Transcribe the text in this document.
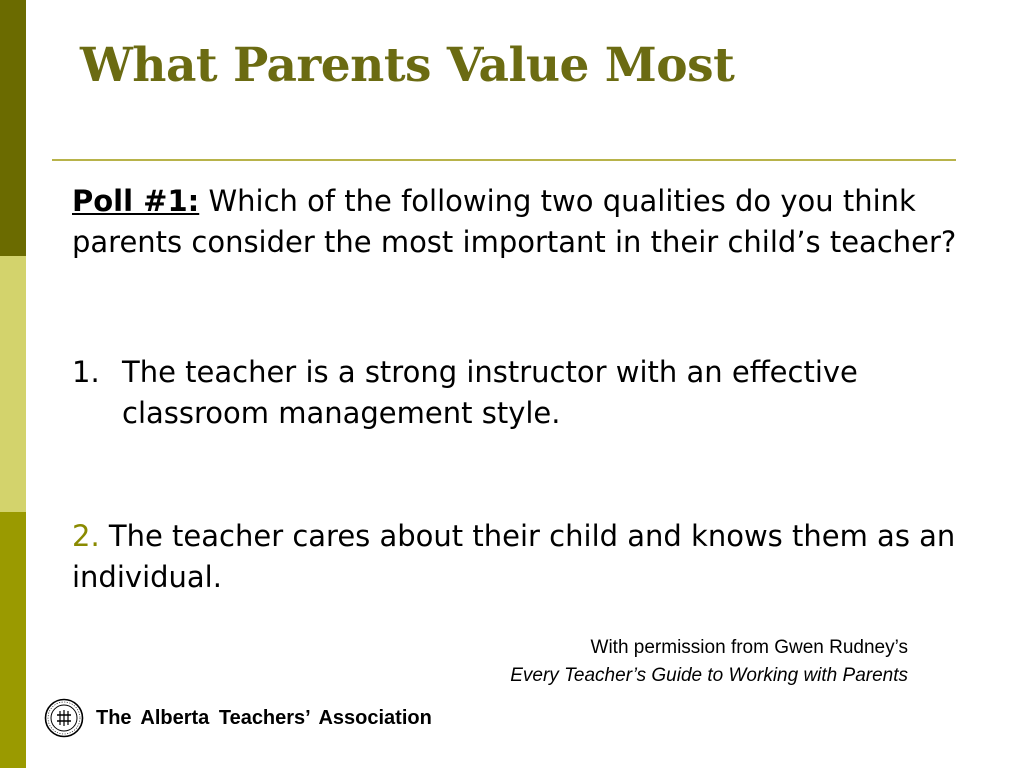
What Parents Value Most

Poll #1: Which of the following two qualities do you think parents consider the most important in their child’s teacher?

1. The teacher is a strong instructor with an effective classroom management style.

2. The teacher cares about their child and knows them as an individual.

With permission from Gwen Rudney’s
Every Teacher’s Guide to Working with Parents
The Alberta Teachers’ Association
